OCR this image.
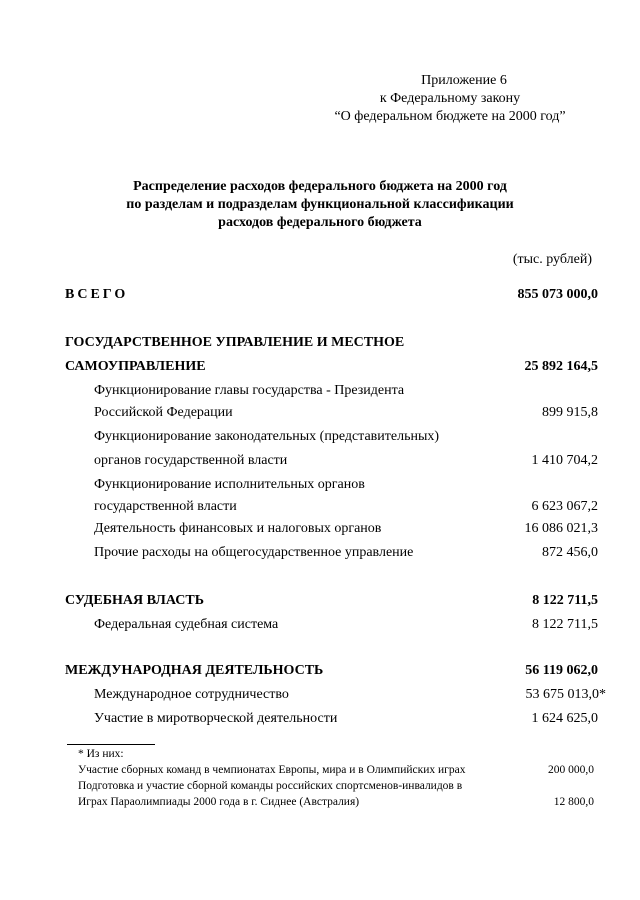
Приложение 6
к Федеральному закону
“О федеральном бюджете на 2000 год”
Распределение расходов федерального бюджета на 2000 год
по разделам и подразделам функциональной классификации
расходов федерального бюджета
(тыс. рублей)
ВСЕГО	855 073 000,0
ГОСУДАРСТВЕННОЕ УПРАВЛЕНИЕ И МЕСТНОЕ
САМОУПРАВЛЕНИЕ	25 892 164,5
Функционирование главы государства - Президента
Российской Федерации	899 915,8
Функционирование законодательных (представительных)
органов государственной власти	1 410 704,2
Функционирование исполнительных органов
государственной власти	6 623 067,2
Деятельность финансовых и налоговых органов	16 086 021,3
Прочие расходы на общегосударственное управление	872 456,0
СУДЕБНАЯ ВЛАСТЬ	8 122 711,5
Федеральная судебная система	8 122 711,5
МЕЖДУНАРОДНАЯ ДЕЯТЕЛЬНОСТЬ	56 119 062,0
Международное сотрудничество	53 675 013,0*
Участие в миротворческой деятельности	1 624 625,0
* Из них:
Участие сборных команд в чемпионатах Европы, мира и в Олимпийских играх	200 000,0
Подготовка и участие сборной команды российских спортсменов-инвалидов в
Играх Параолимпиады 2000 года в г. Сиднее (Австралия)	12 800,0
